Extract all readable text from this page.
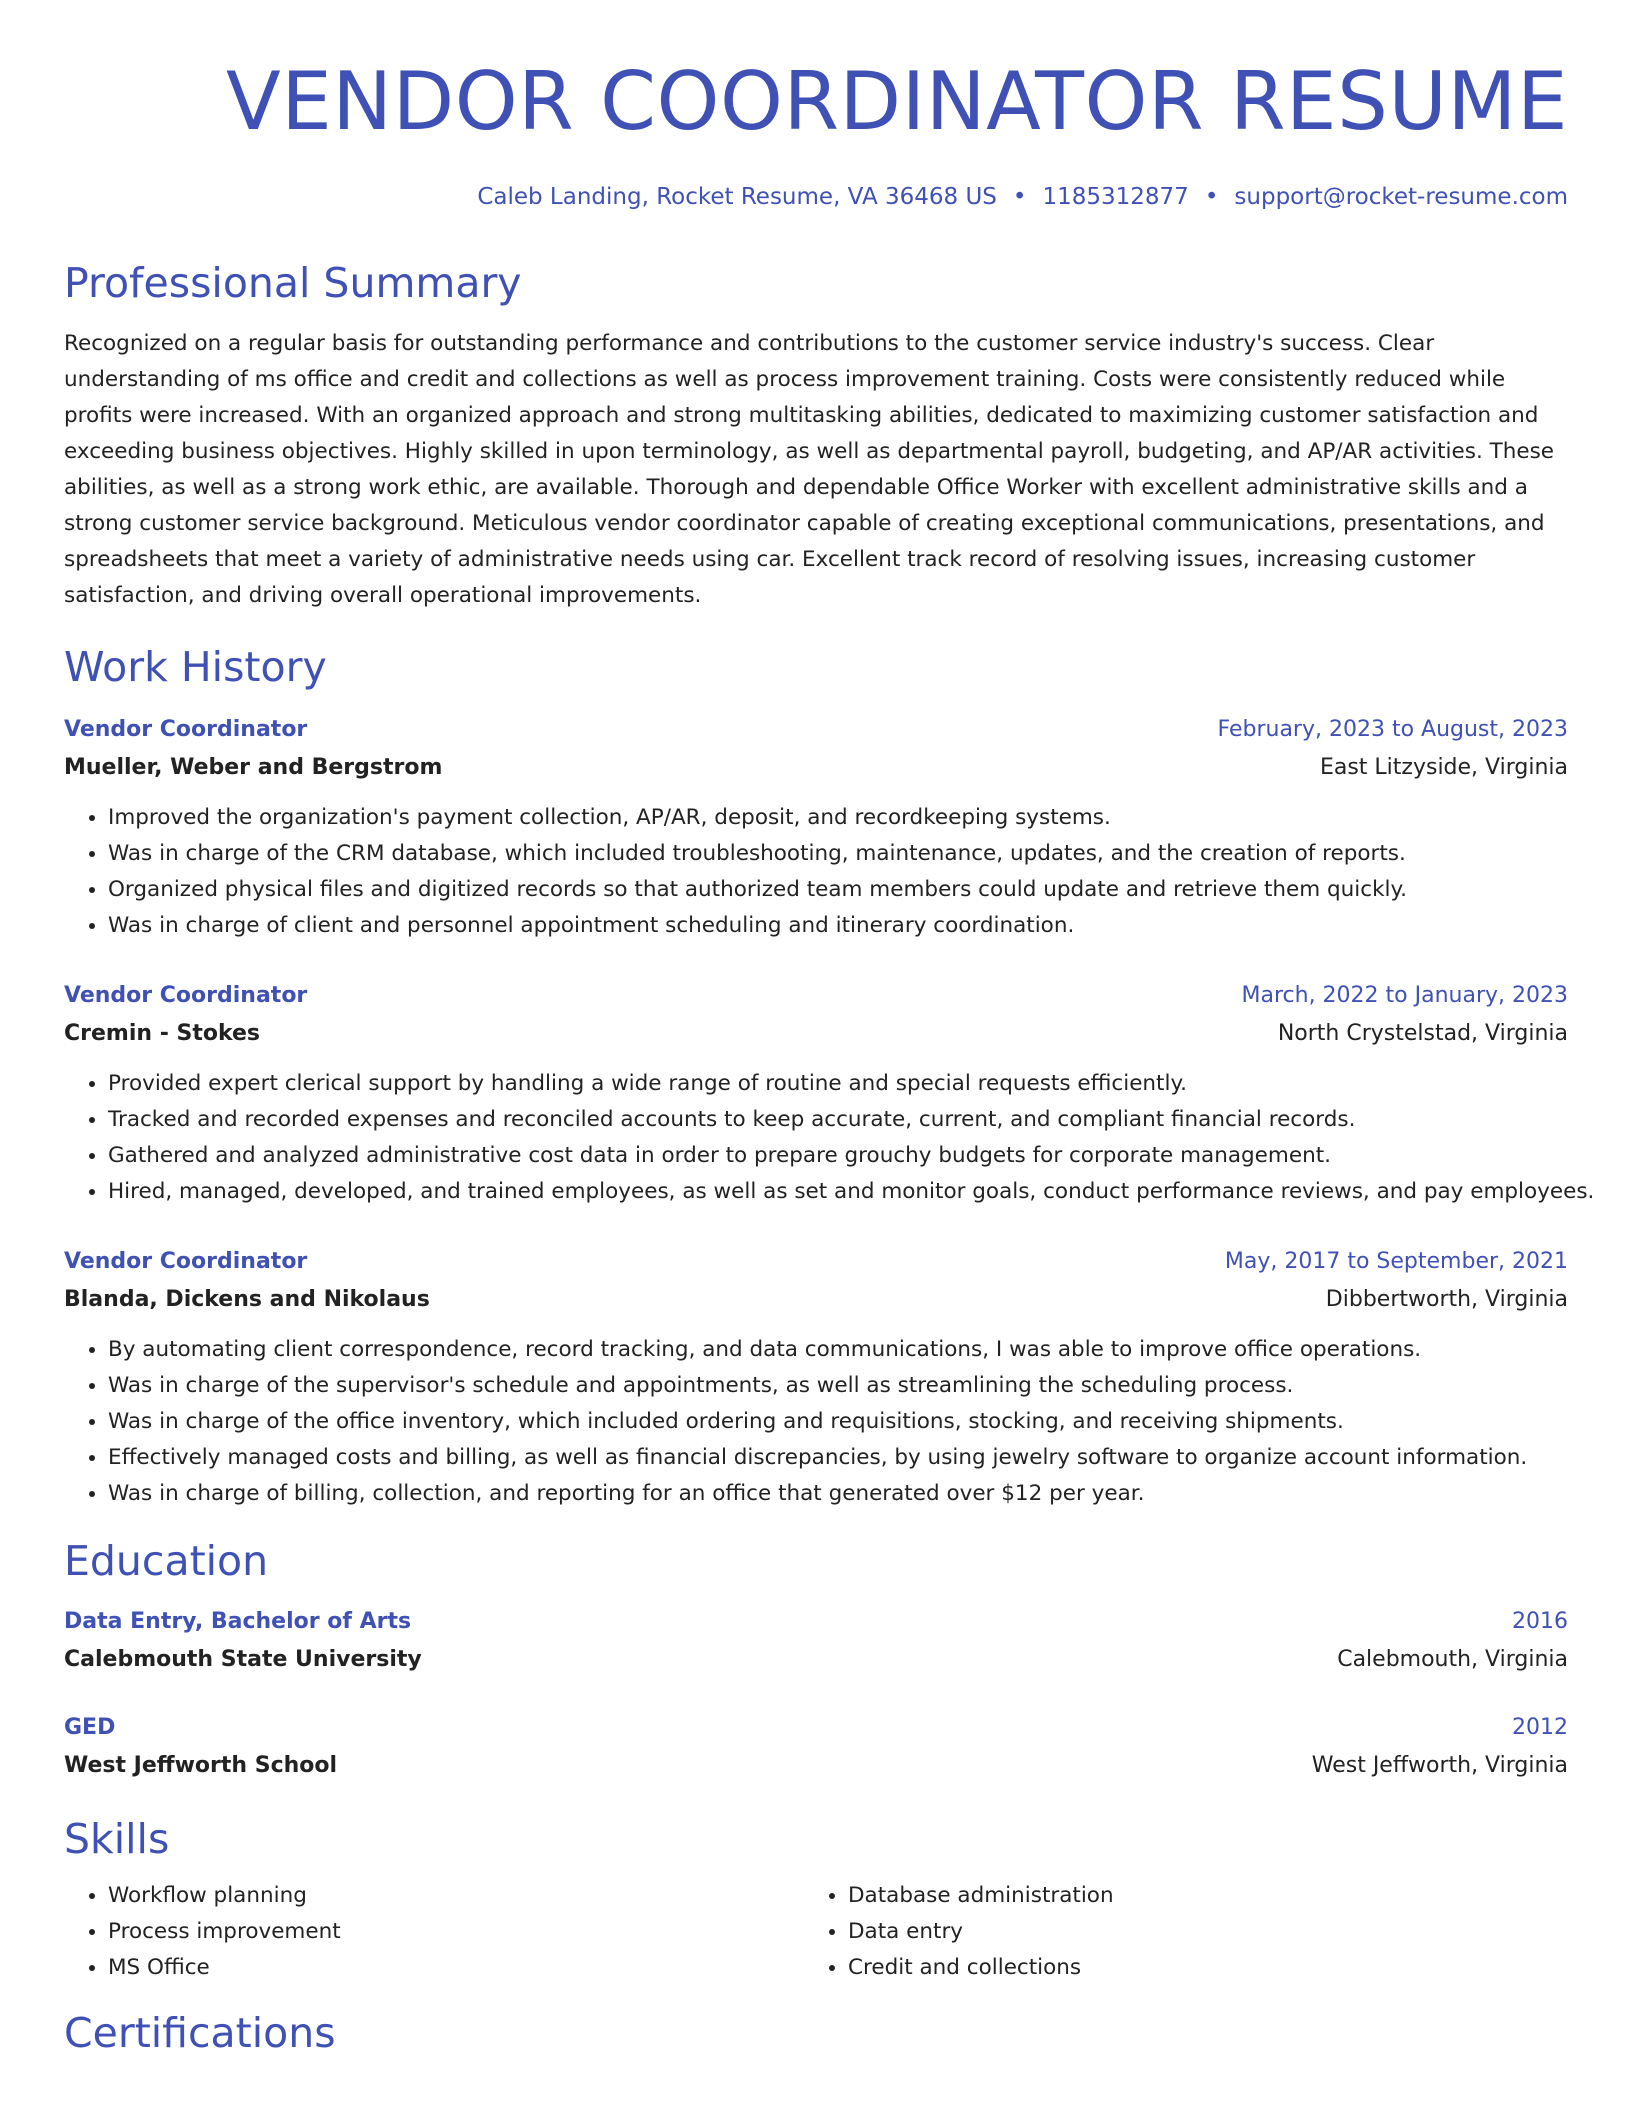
VENDOR COORDINATOR RESUME
Caleb Landing, Rocket Resume, VA 36468 US • 1185312877 • support@rocket-resume.com
Professional Summary

Recognized on a regular basis for outstanding performance and contributions to the customer service industry's success. Clear understanding of ms office and credit and collections as well as process improvement training. Costs were consistently reduced while profits were increased. With an organized approach and strong multitasking abilities, dedicated to maximizing customer satisfaction and exceeding business objectives. Highly skilled in upon terminology, as well as departmental payroll, budgeting, and AP/AR activities. These abilities, as well as a strong work ethic, are available. Thorough and dependable Office Worker with excellent administrative skills and a strong customer service background. Meticulous vendor coordinator capable of creating exceptional communications, presentations, and spreadsheets that meet a variety of administrative needs using car. Excellent track record of resolving issues, increasing customer satisfaction, and driving overall operational improvements.

Work History
Vendor Coordinator	February, 2023 to August, 2023
Mueller, Weber and Bergstrom	East Litzyside, Virginia
• Improved the organization's payment collection, AP/AR, deposit, and recordkeeping systems.
• Was in charge of the CRM database, which included troubleshooting, maintenance, updates, and the creation of reports.
• Organized physical files and digitized records so that authorized team members could update and retrieve them quickly.
• Was in charge of client and personnel appointment scheduling and itinerary coordination.
Vendor Coordinator	March, 2022 to January, 2023
Cremin - Stokes	North Crystelstad, Virginia
• Provided expert clerical support by handling a wide range of routine and special requests efficiently.
• Tracked and recorded expenses and reconciled accounts to keep accurate, current, and compliant financial records.
• Gathered and analyzed administrative cost data in order to prepare grouchy budgets for corporate management.
• Hired, managed, developed, and trained employees, as well as set and monitor goals, conduct performance reviews, and pay employees.
Vendor Coordinator	May, 2017 to September, 2021
Blanda, Dickens and Nikolaus	Dibbertworth, Virginia
• By automating client correspondence, record tracking, and data communications, I was able to improve office operations.
• Was in charge of the supervisor's schedule and appointments, as well as streamlining the scheduling process.
• Was in charge of the office inventory, which included ordering and requisitions, stocking, and receiving shipments.
• Effectively managed costs and billing, as well as financial discrepancies, by using jewelry software to organize account information.
• Was in charge of billing, collection, and reporting for an office that generated over $12 per year.
Education
Data Entry, Bachelor of Arts	2016
Calebmouth State University	Calebmouth, Virginia
GED	2012
West Jeffworth School	West Jeffworth, Virginia
Skills
• Workflow planning
• Process improvement
• MS Office
• Database administration
• Data entry
• Credit and collections
Certifications
